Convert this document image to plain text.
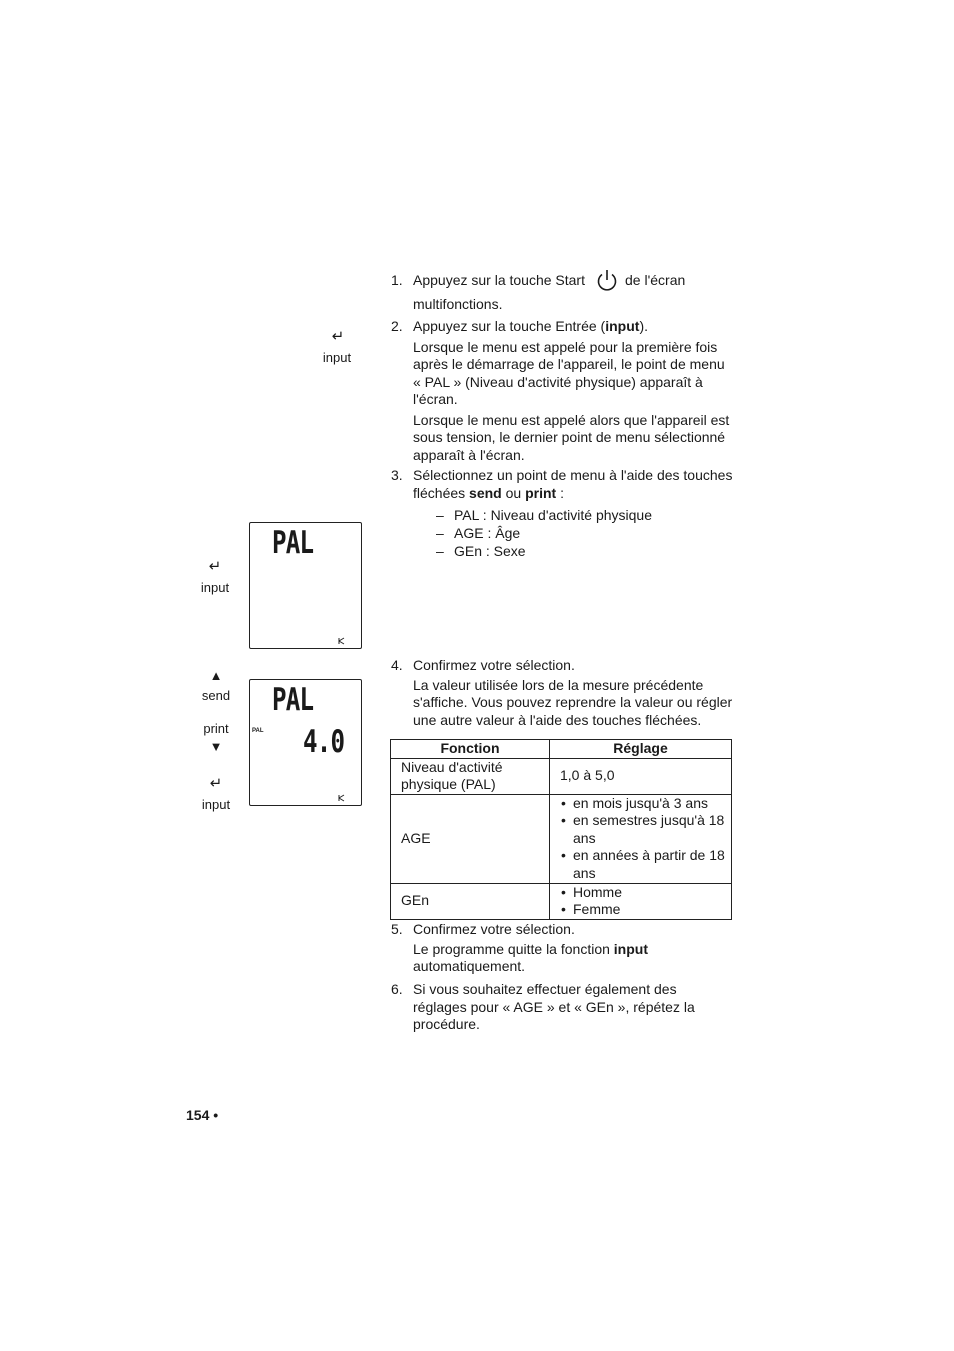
1. Appuyez sur la touche Start	de l'écran
multifonctions.
2. Appuyez sur la touche Entrée (input).
Lorsque le menu est appelé pour la première fois après le démarrage de l'appareil, le point de menu « PAL » (Niveau d'activité physique) apparaît à l'écran.
Lorsque le menu est appelé alors que l'appareil est sous tension, le dernier point de menu sélectionné apparaît à l'écran.
3. Sélectionnez un point de menu à l'aide des touches fléchées send ou print :
– PAL : Niveau d'activité physique
– AGE : Âge
– GEn : Sexe
4. Confirmez votre sélection.
La valeur utilisée lors de la mesure précédente s'affiche. Vous pouvez reprendre la valeur ou régler une autre valeur à l'aide des touches fléchées.
Fonction	Réglage
Niveau d'activité physique (PAL)	1,0 à 5,0
AGE	• en mois jusqu'à 3 ans
• en semestres jusqu'à 18 ans
• en années à partir de 18 ans

GEn	• Homme
• Femme
5. Confirmez votre sélection.
Le programme quitte la fonction input automatiquement.
6. Si vous souhaitez effectuer également des réglages pour « AGE » et « GEn », répétez la procédure.
↵
input
↵
input
▲
send
print
▼
↵
input
PAL
PAL
PAL 4.0
154 •
